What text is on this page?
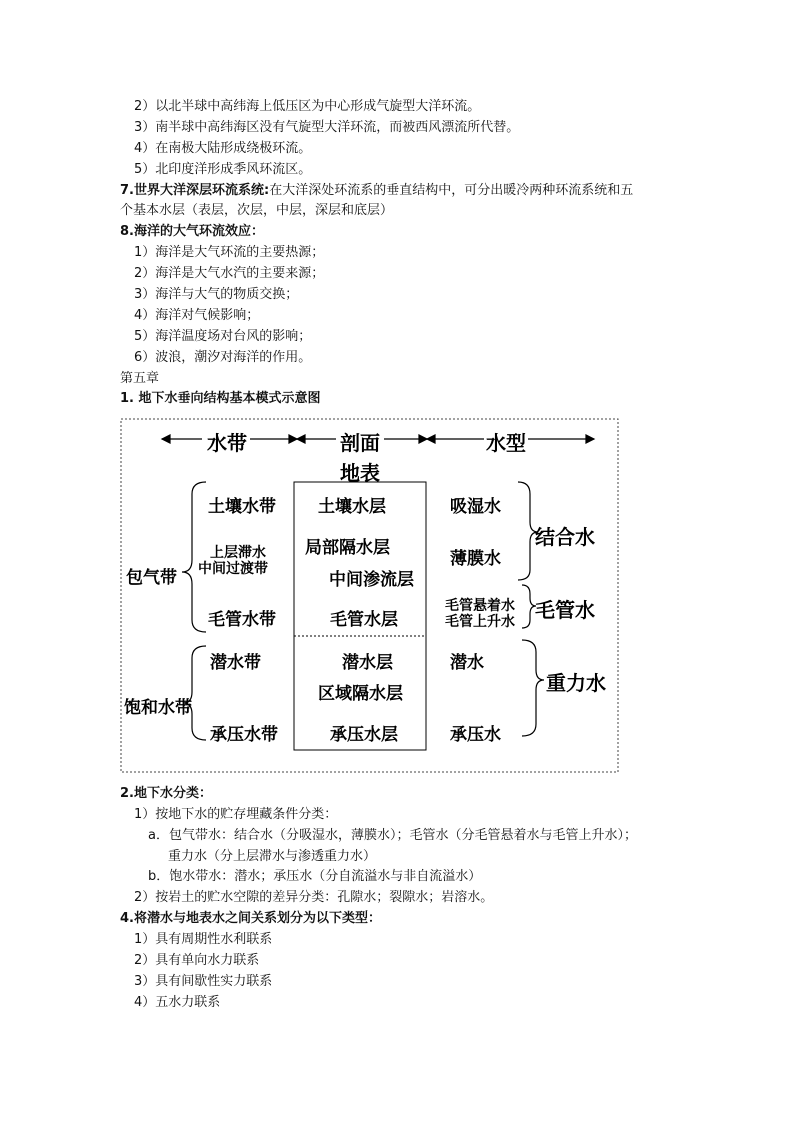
2）以北半球中高纬海上低压区为中心形成气旋型大洋环流。
3）南半球中高纬海区没有气旋型大洋环流，而被西风漂流所代替。
4）在南极大陆形成绕极环流。
5）北印度洋形成季风环流区。
7.世界大洋深层环流系统:在大洋深处环流系的垂直结构中，可分出暖冷两种环流系统和五
个基本水层（表层，次层，中层，深层和底层）
8.海洋的大气环流效应：
1）海洋是大气环流的主要热源；
2）海洋是大气水汽的主要来源；
3）海洋与大气的物质交换；
4）海洋对气候影响；
5）海洋温度场对台风的影响；
6）波浪，潮汐对海洋的作用。
第五章
1. 地下水垂向结构基本模式示意图
水带	剖面	水型
地表
土壤水带
上层滞水
中间过渡带
毛管水带
潜水带
承压水带
包气带
饱和水带
土壤水层
局部隔水层
中间渗流层
毛管水层
潜水层
区域隔水层
承压水层
吸湿水
薄膜水
毛管悬着水
毛管上升水
潜水
承压水
结合水
毛管水
重力水
2.地下水分类：
1）按地下水的贮存埋藏条件分类：
a．包气带水：结合水（分吸湿水，薄膜水）；毛管水（分毛管悬着水与毛管上升水）；
重力水（分上层滞水与渗透重力水）
b．饱水带水：潜水；承压水（分自流溢水与非自流溢水）
2）按岩土的贮水空隙的差异分类：孔隙水；裂隙水；岩溶水。
4.将潜水与地表水之间关系划分为以下类型：
1）具有周期性水利联系
2）具有单向水力联系
3）具有间歇性实力联系
4）五水力联系
